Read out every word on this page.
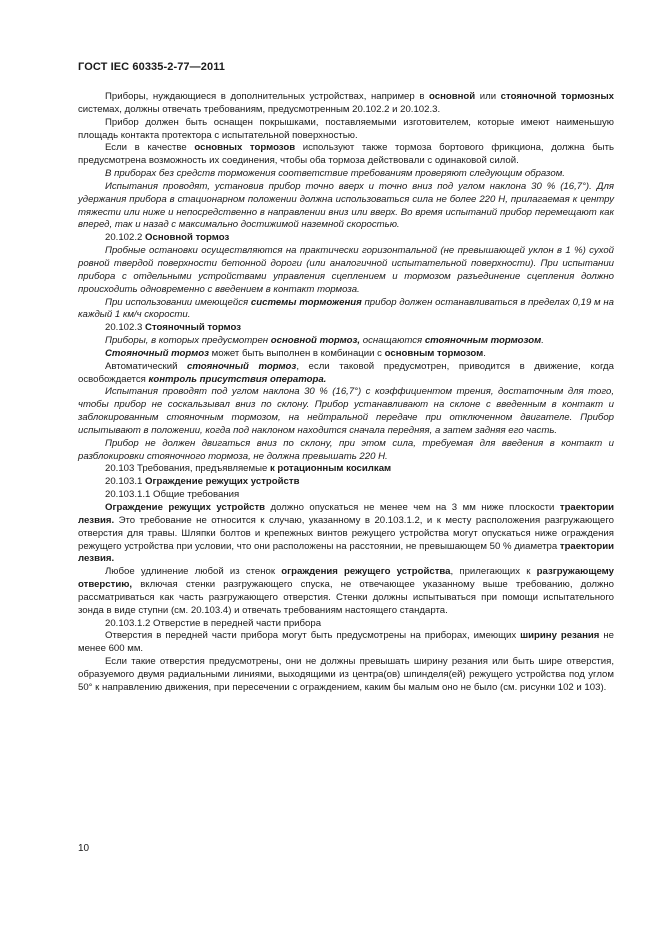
ГОСТ IEC 60335-2-77—2011

Приборы, нуждающиеся в дополнительных устройствах, например в основной или стояночной тормозных системах, должны отвечать требованиям, предусмотренным 20.102.2 и 20.102.3.

Прибор должен быть оснащен покрышками, поставляемыми изготовителем, которые имеют наименьшую площадь контакта протектора с испытательной поверхностью.

Если в качестве основных тормозов используют также тормоза бортового фрикциона, должна быть предусмотрена возможность их соединения, чтобы оба тормоза действовали с одинаковой силой.

В приборах без средств торможения соответствие требованиям проверяют следующим образом.

Испытания проводят, установив прибор точно вверх и точно вниз под углом наклона 30 % (16,7°). Для удержания прибора в стационарном положении должна использоваться сила не более 220 Н, прилагаемая к центру тяжести или ниже и непосредственно в направлении вниз или вверх. Во время испытаний прибор перемещают как вперед, так и назад с максимально достижимой наземной скоростью.

20.102.2 Основной тормоз

Пробные остановки осуществляются на практически горизонтальной (не превышающей уклон в 1 %) сухой ровной твердой поверхности бетонной дороги (или аналогичной испытательной поверхности). При испытании прибора с отдельными устройствами управления сцеплением и тормозом разъединение сцепления должно происходить одновременно с введением в контакт тормоза.

При использовании имеющейся системы торможения прибор должен останавливаться в пределах 0,19 м на каждый 1 км/ч скорости.

20.102.3 Стояночный тормоз

Приборы, в которых предусмотрен основной тормоз, оснащаются стояночным тормозом.

Стояночный тормоз может быть выполнен в комбинации с основным тормозом.

Автоматический стояночный тормоз, если таковой предусмотрен, приводится в движение, когда освобождается контроль присутствия оператора.

Испытания проводят под углом наклона 30 % (16,7°) с коэффициентом трения, достаточным для того, чтобы прибор не соскальзывал вниз по склону. Прибор устанавливают на склоне с введенным в контакт и заблокированным стояночным тормозом, на нейтральной передаче при отключенном двигателе. Прибор испытывают в положении, когда под наклоном находится сначала передняя, а затем задняя его часть.

Прибор не должен двигаться вниз по склону, при этом сила, требуемая для введения в контакт и разблокировки стояночного тормоза, не должна превышать 220 Н.

20.103 Требования, предъявляемые к ротационным косилкам

20.103.1 Ограждение режущих устройств

20.103.1.1 Общие требования

Ограждение режущих устройств должно опускаться не менее чем на 3 мм ниже плоскости траектории лезвия. Это требование не относится к случаю, указанному в 20.103.1.2, и к месту расположения разгружающего отверстия для травы. Шляпки болтов и крепежных винтов режущего устройства могут опускаться ниже ограждения режущего устройства при условии, что они расположены на расстоянии, не превышающем 50 % диаметра траектории лезвия.

Любое удлинение любой из стенок ограждения режущего устройства, прилегающих к разгружающему отверстию, включая стенки разгружающего спуска, не отвечающее указанному выше требованию, должно рассматриваться как часть разгружающего отверстия. Стенки должны испытываться при помощи испытательного зонда в виде ступни (см. 20.103.4) и отвечать требованиям настоящего стандарта.

20.103.1.2 Отверстие в передней части прибора

Отверстия в передней части прибора могут быть предусмотрены на приборах, имеющих ширину резания не менее 600 мм.

Если такие отверстия предусмотрены, они не должны превышать ширину резания или быть шире отверстия, образуемого двумя радиальными линиями, выходящими из центра(ов) шпинделя(ей) режущего устройства под углом 50° к направлению движения, при пересечении с ограждением, каким бы малым оно не было (см. рисунки 102 и 103).

10
